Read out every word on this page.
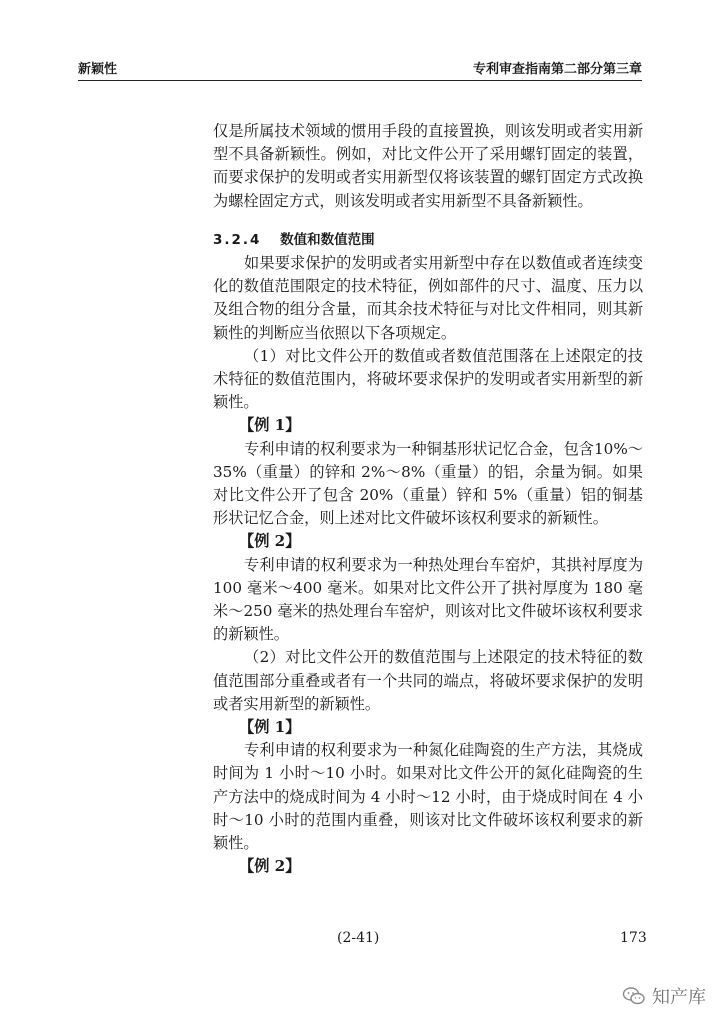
新颖性	专利审查指南第二部分第三章

仅是所属技术领域的惯用手段的直接置换，则该发明或者实用新型不具备新颖性。例如，对比文件公开了采用螺钉固定的装置，而要求保护的发明或者实用新型仅将该装置的螺钉固定方式改换为螺栓固定方式，则该发明或者实用新型不具备新颖性。

3.2.4 数值和数值范围

如果要求保护的发明或者实用新型中存在以数值或者连续变化的数值范围限定的技术特征，例如部件的尺寸、温度、压力以及组合物的组分含量，而其余技术特征与对比文件相同，则其新颖性的判断应当依照以下各项规定。

（1）对比文件公开的数值或者数值范围落在上述限定的技术特征的数值范围内，将破坏要求保护的发明或者实用新型的新颖性。

【例 1】

专利申请的权利要求为一种铜基形状记忆合金，包含10%～35%（重量）的锌和 2%～8%（重量）的铝，余量为铜。如果对比文件公开了包含 20%（重量）锌和 5%（重量）铝的铜基形状记忆合金，则上述对比文件破坏该权利要求的新颖性。

【例 2】

专利申请的权利要求为一种热处理台车窑炉，其拱衬厚度为 100 毫米～400 毫米。如果对比文件公开了拱衬厚度为 180 毫米～250 毫米的热处理台车窑炉，则该对比文件破坏该权利要求的新颖性。

（2）对比文件公开的数值范围与上述限定的技术特征的数值范围部分重叠或者有一个共同的端点，将破坏要求保护的发明或者实用新型的新颖性。

【例 1】

专利申请的权利要求为一种氮化硅陶瓷的生产方法，其烧成时间为 1 小时～10 小时。如果对比文件公开的氮化硅陶瓷的生产方法中的烧成时间为 4 小时～12 小时，由于烧成时间在 4 小时～10 小时的范围内重叠，则该对比文件破坏该权利要求的新颖性。

【例 2】

(2-41)	173
知产库
